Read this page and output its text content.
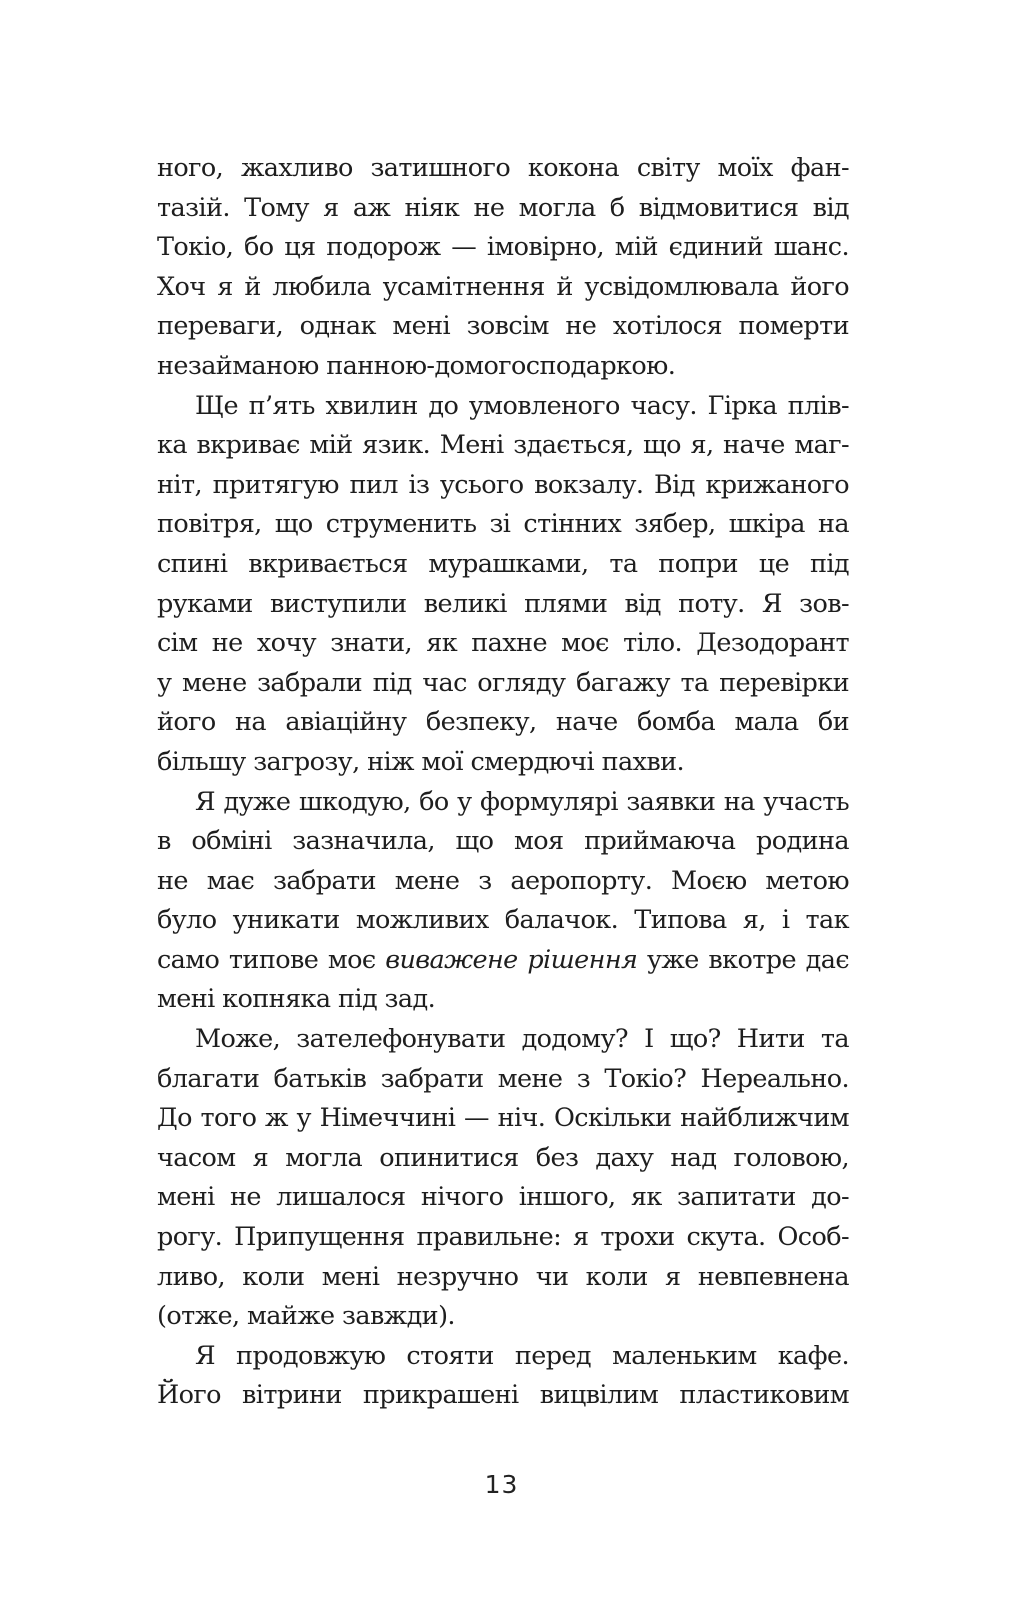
ного, жахливо затишного кокона світу моїх фан-
тазій. Тому я аж ніяк не могла б відмовитися від
Токіо, бо ця подорож — імовірно, мій єдиний шанс.
Хоч я й любила усамітнення й усвідомлювала його
переваги, однак мені зовсім не хотілося померти
незайманою панною-домогосподаркою.
Ще п’ять хвилин до умовленого часу. Гірка плів-
ка вкриває мій язик. Мені здається, що я, наче маг-
ніт, притягую пил із усього вокзалу. Від крижаного
повітря, що струменить зі стінних зябер, шкіра на
спині вкривається мурашками, та попри це під
руками виступили великі плями від поту. Я зов-
сім не хочу знати, як пахне моє тіло. Дезодорант
у мене забрали під час огляду багажу та перевірки
його на авіаційну безпеку, наче бомба мала би
більшу загрозу, ніж мої смердючі пахви.
Я дуже шкодую, бо у формулярі заявки на участь
в обміні зазначила, що моя приймаюча родина
не має забрати мене з аеропорту. Моєю метою
було уникати можливих балачок. Типова я, і так
само типове моє виважене рішення уже вкотре дає
мені копняка під зад.
Може, зателефонувати додому? І що? Нити та
благати батьків забрати мене з Токіо? Нереально.
До того ж у Німеччині — ніч. Оскільки найближчим
часом я могла опинитися без даху над головою,
мені не лишалося нічого іншого, як запитати до-
рогу. Припущення правильне: я трохи скута. Особ-
ливо, коли мені незручно чи коли я невпевнена
(отже, майже завжди).
Я продовжую стояти перед маленьким кафе.
Його вітрини прикрашені вицвілим пластиковим
13
